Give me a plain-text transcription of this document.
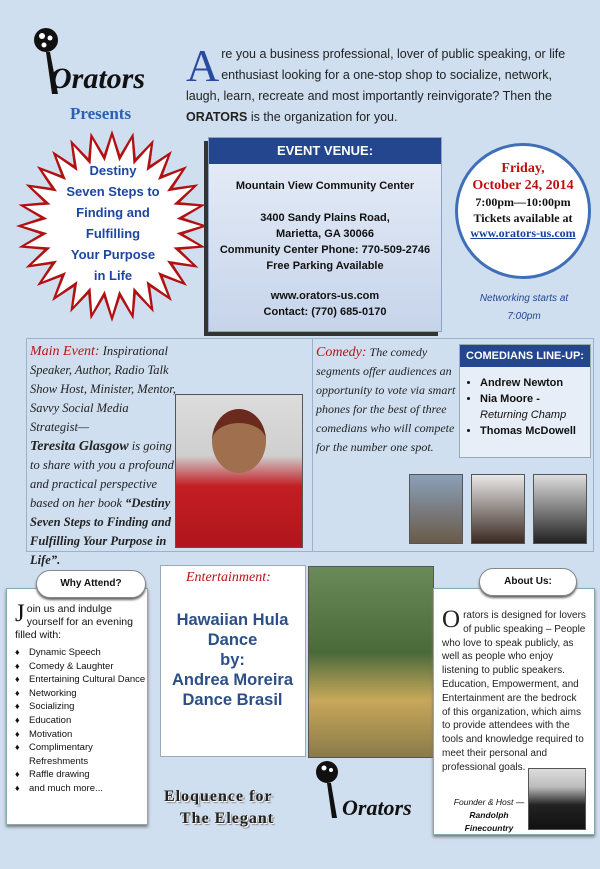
Orators
Presents
Destiny
Seven Steps to
Finding and
Fulfilling
Your Purpose
in Life
Are you a business professional, lover of public speaking, or life enthusiast looking for a one-stop shop to socialize, network, laugh, learn, recreate and most importantly reinvigorate? Then the ORATORS is the organization for you.
EVENT VENUE:
Mountain View Community Center
3400 Sandy Plains Road,
Marietta, GA 30066
Community Center Phone: 770-509-2746
Free Parking Available
www.orators-us.com
Contact: (770) 685-0170
Friday,
October 24, 2014
7:00pm—10:00pm
Tickets available at
www.orators-us.com
Networking starts at
7:00pm
Main Event: Inspirational Speaker, Author, Radio Talk Show Host, Minister, Mentor, Savvy Social Media Strategist—
Teresita Glasgow is going to share with you a profound and practical perspective based on her book “Destiny Seven Steps to Finding and Fulfilling Your Purpose in Life”.
Comedy: The comedy segments offer audiences an opportunity to vote via smart phones for the best of three comedians who will compete for the number one spot.
COMEDIANS LINE-UP:
• Andrew Newton
• Nia Moore -
Returning Champ
• Thomas McDowell
Join us and indulge yourself for an evening filled with:
♦ Dynamic Speech
♦ Comedy & Laughter
♦ Entertaining Cultural Dance
♦ Networking
♦ Socializing
♦ Education
♦ Motivation
♦ Complimentary Refreshments
♦ Raffle drawing
♦ and much more...
Why Attend?	Entertainment:
Hawaiian Hula
Dance
by:
Andrea Moreira
Dance Brasil
Orators is designed for lovers of public speaking – People who love to speak publicly, as well as people who enjoy listening to public speakers. Education, Empowerment, and Entertainment are the bedrock of this organization, which aims to provide attendees with the tools and knowledge required to meet their personal and professional goals.
About Us:
Founder & Host —
Randolph Finecountry
Eloquence for
The Elegant	Orators
